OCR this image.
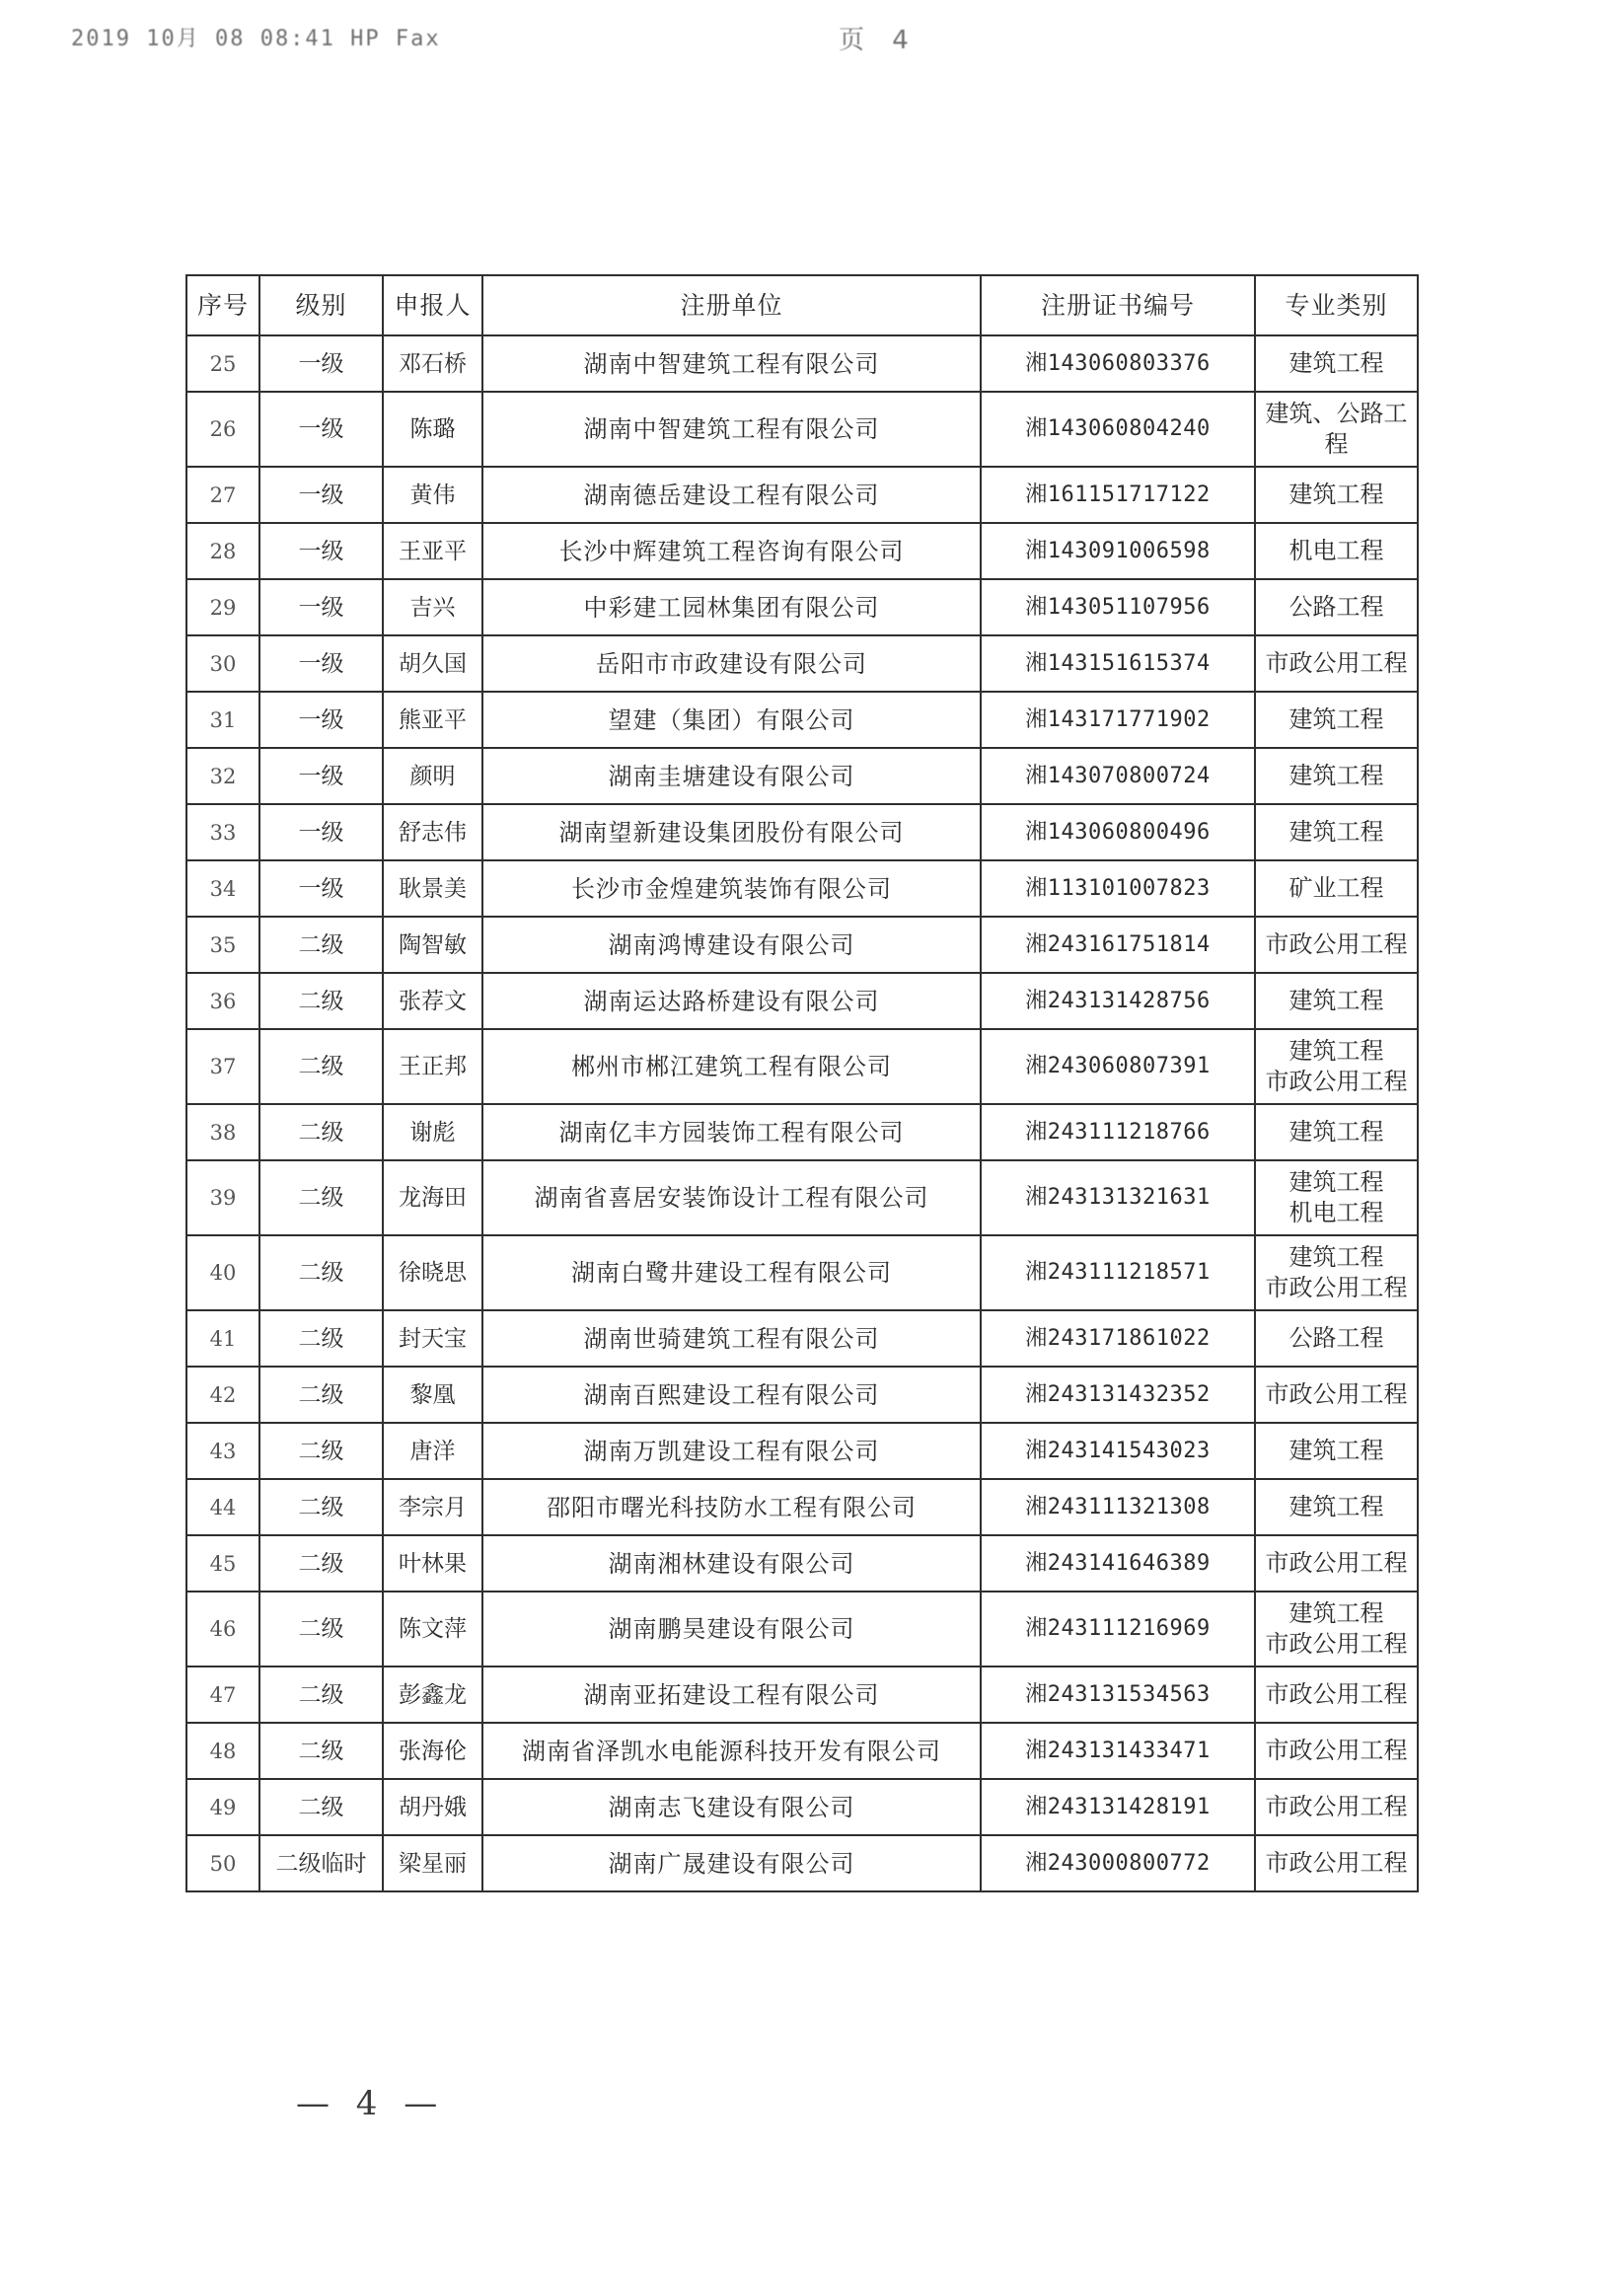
2019 10月 08 08:41 HP Fax	页 4
序号	级别	申报人	注册单位	注册证书编号	专业类别
25	一级	邓石桥	湖南中智建筑工程有限公司	湘143060803376	建筑工程
26	一级	陈璐	湖南中智建筑工程有限公司	湘143060804240	建筑、公路工程
27	一级	黄伟	湖南德岳建设工程有限公司	湘161151717122	建筑工程
28	一级	王亚平	长沙中辉建筑工程咨询有限公司	湘143091006598	机电工程
29	一级	吉兴	中彩建工园林集团有限公司	湘143051107956	公路工程
30	一级	胡久国	岳阳市市政建设有限公司	湘143151615374	市政公用工程
31	一级	熊亚平	望建（集团）有限公司	湘143171771902	建筑工程
32	一级	颜明	湖南圭塘建设有限公司	湘143070800724	建筑工程
33	一级	舒志伟	湖南望新建设集团股份有限公司	湘143060800496	建筑工程
34	一级	耿景美	长沙市金煌建筑装饰有限公司	湘113101007823	矿业工程
35	二级	陶智敏	湖南鸿博建设有限公司	湘243161751814	市政公用工程
36	二级	张荐文	湖南运达路桥建设有限公司	湘243131428756	建筑工程
37	二级	王正邦	郴州市郴江建筑工程有限公司	湘243060807391	建筑工程
市政公用工程
38	二级	谢彪	湖南亿丰方园装饰工程有限公司	湘243111218766	建筑工程
39	二级	龙海田	湖南省喜居安装饰设计工程有限公司	湘243131321631	建筑工程
机电工程
40	二级	徐晓思	湖南白鹭井建设工程有限公司	湘243111218571	建筑工程
市政公用工程
41	二级	封天宝	湖南世骑建筑工程有限公司	湘243171861022	公路工程
42	二级	黎凰	湖南百熙建设工程有限公司	湘243131432352	市政公用工程
43	二级	唐洋	湖南万凯建设工程有限公司	湘243141543023	建筑工程
44	二级	李宗月	邵阳市曙光科技防水工程有限公司	湘243111321308	建筑工程
45	二级	叶林果	湖南湘林建设有限公司	湘243141646389	市政公用工程
46	二级	陈文萍	湖南鹏昊建设有限公司	湘243111216969	建筑工程
市政公用工程
47	二级	彭鑫龙	湖南亚拓建设工程有限公司	湘243131534563	市政公用工程
48	二级	张海伦	湖南省泽凯水电能源科技开发有限公司	湘243131433471	市政公用工程
49	二级	胡丹娥	湖南志飞建设有限公司	湘243131428191	市政公用工程
50	二级临时	梁星丽	湖南广晟建设有限公司	湘243000800772	市政公用工程
— 4 —
